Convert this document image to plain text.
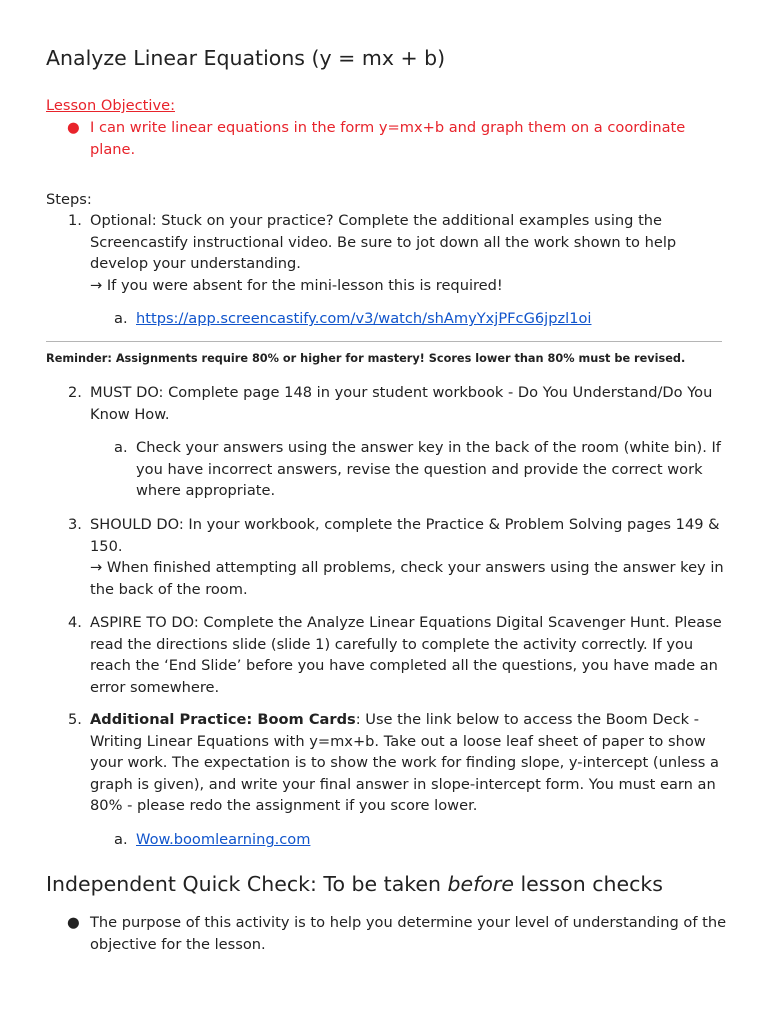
Analyze Linear Equations (y = mx + b)
Lesson Objective:
● I can write linear equations in the form y=mx+b and graph them on a coordinate plane.
Steps:
1. Optional: Stuck on your practice? Complete the additional examples using the Screencastify instructional video. Be sure to jot down all the work shown to help develop your understanding.
→ If you were absent for the mini-lesson this is required!
a. https://app.screencastify.com/v3/watch/shAmyYxjPFcG6jpzl1oi
Reminder: Assignments require 80% or higher for mastery! Scores lower than 80% must be revised.
2. MUST DO: Complete page 148 in your student workbook - Do You Understand/Do You Know How.
a. Check your answers using the answer key in the back of the room (white bin). If you have incorrect answers, revise the question and provide the correct work where appropriate.
3. SHOULD DO: In your workbook, complete the Practice & Problem Solving pages 149 & 150.
→ When finished attempting all problems, check your answers using the answer key in the back of the room.
4. ASPIRE TO DO: Complete the Analyze Linear Equations Digital Scavenger Hunt. Please read the directions slide (slide 1) carefully to complete the activity correctly. If you reach the ‘End Slide’ before you have completed all the questions, you have made an error somewhere.
5. Additional Practice: Boom Cards: Use the link below to access the Boom Deck - Writing Linear Equations with y=mx+b. Take out a loose leaf sheet of paper to show your work. The expectation is to show the work for finding slope, y-intercept (unless a graph is given), and write your final answer in slope-intercept form. You must earn an 80% - please redo the assignment if you score lower.
a. Wow.boomlearning.com
Independent Quick Check: To be taken before lesson checks
● The purpose of this activity is to help you determine your level of understanding of the objective for the lesson.
